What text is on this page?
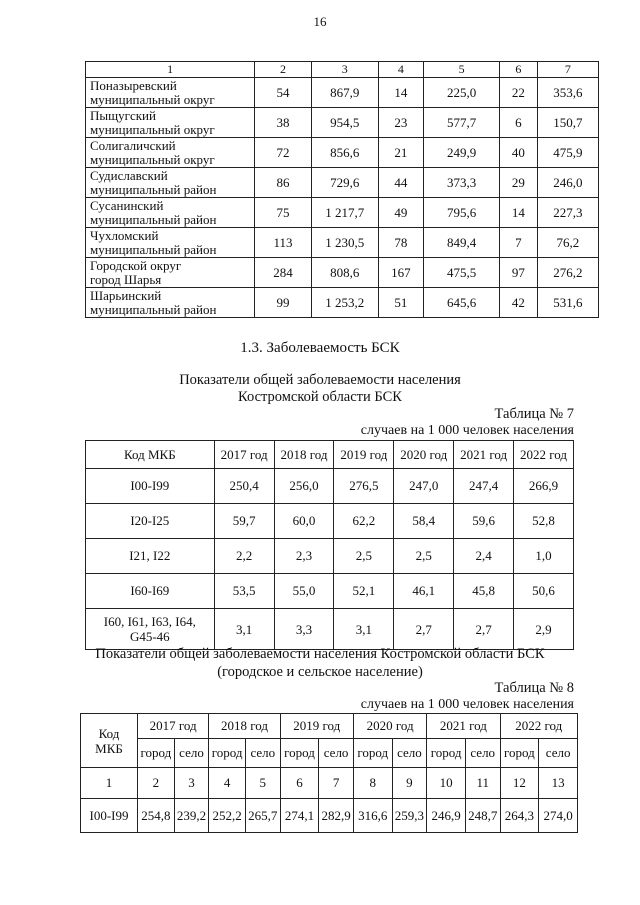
16
1	2	3	4	5	6	7

Поназыревский
муниципальный округ	54	867,9	14	225,0	22	353,6

Пыщугский
муниципальный округ	38	954,5	23	577,7	6	150,7

Солигаличский
муниципальный округ	72	856,6	21	249,9	40	475,9

Судиславский
муниципальный район	86	729,6	44	373,3	29	246,0

Сусанинский
муниципальный район	75	1 217,7	49	795,6	14	227,3

Чухломский
муниципальный район	113	1 230,5	78	849,4	7	76,2

Городской округ
город Шарья	284	808,6	167	475,5	97	276,2

Шарьинский
муниципальный район	99	1 253,2	51	645,6	42	531,6
1.3. Заболеваемость БСК
Показатели общей заболеваемости населения
Костромской области БСК
Таблица № 7
случаев на 1 000 человек населения
Код МКБ	2017 год	2018 год	2019 год	2020 год	2021 год	2022 год
I00-I99	250,4	256,0	276,5	247,0	247,4	266,9
I20-I25	59,7	60,0	62,2	58,4	59,6	52,8
I21, I22	2,2	2,3	2,5	2,5	2,4	1,0
I60-I69	53,5	55,0	52,1	46,1	45,8	50,6

I60, I61, I63, I64,
G45-46	3,1	3,3	3,1	2,7	2,7	2,9
Показатели общей заболеваемости населения Костромской области БСК
(городское и сельское население)
Таблица № 8
случаев на 1 000 человек населения
Код
МКБ	2017 год		2018 год		2019 год		2020 год		2021 год		2022 год	
	город	село	город	село	город	село	город	село	город	село	город	село
1	2	3	4	5	6	7	8	9	10	11	12	13
I00-I99	254,8	239,2	252,2	265,7	274,1	282,9	316,6	259,3	246,9	248,7	264,3	274,0
